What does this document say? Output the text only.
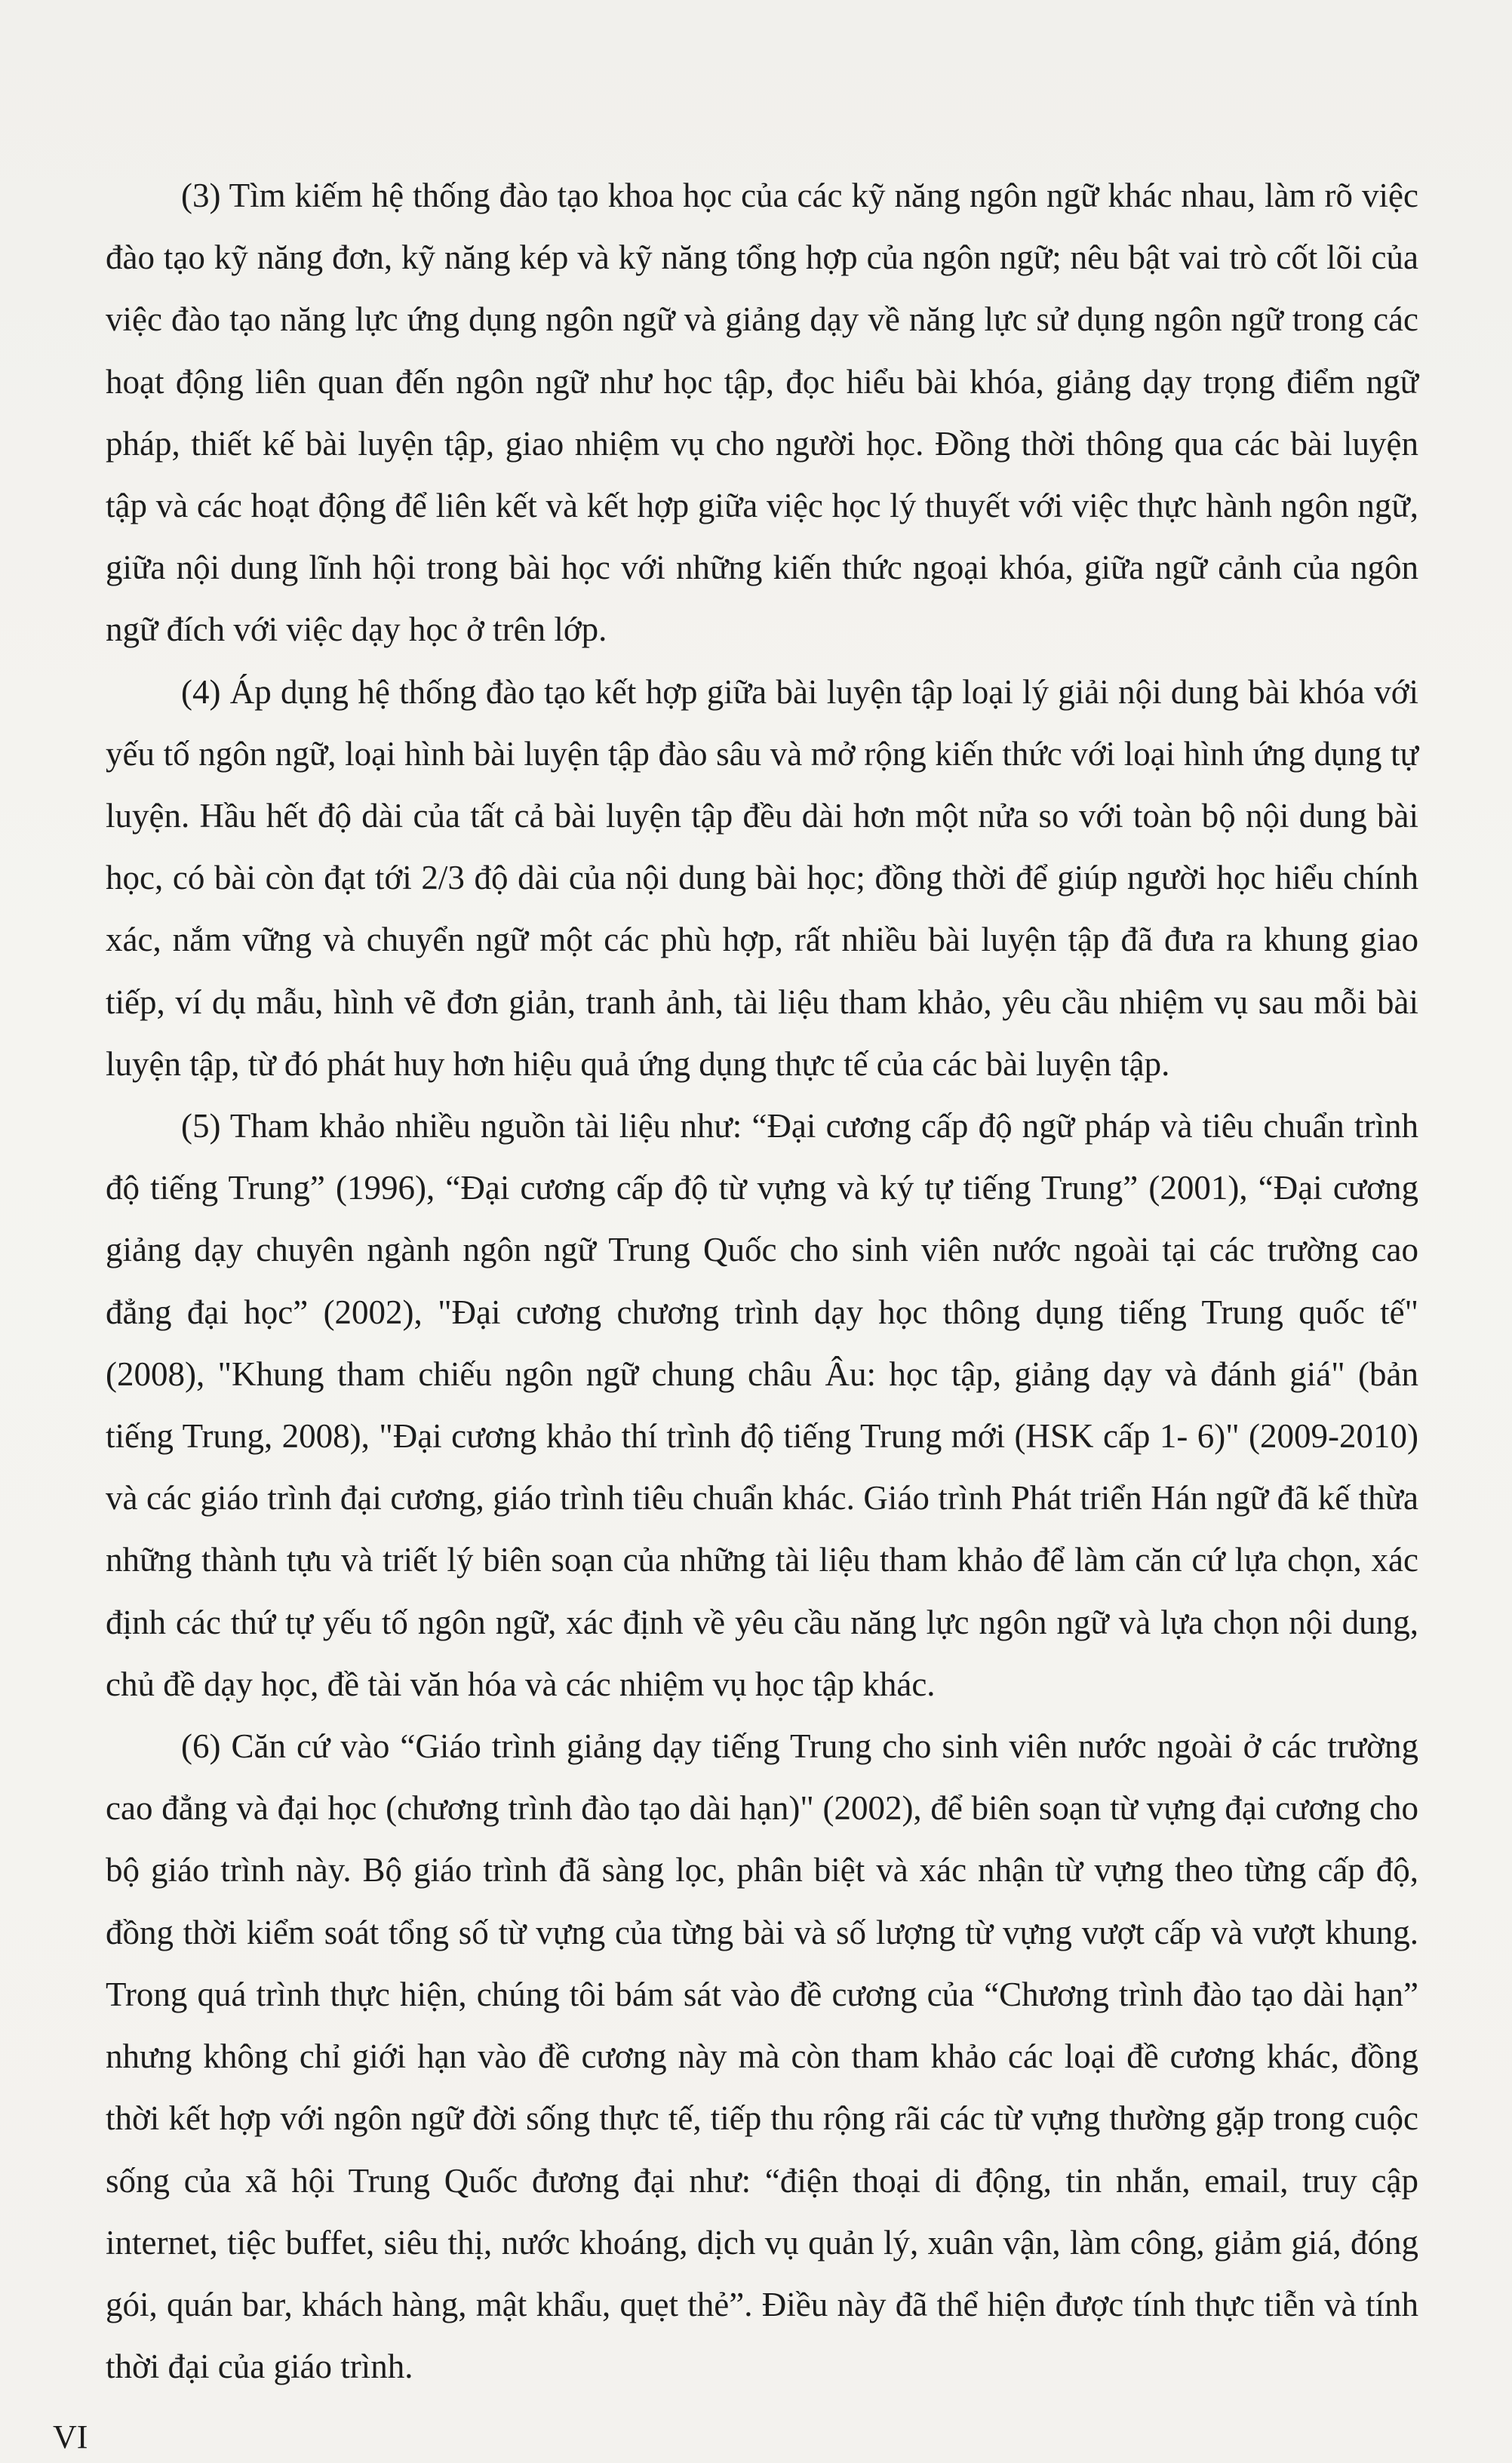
(3) Tìm kiếm hệ thống đào tạo khoa học của các kỹ năng ngôn ngữ khác nhau, làm rõ việc đào tạo kỹ năng đơn, kỹ năng kép và kỹ năng tổng hợp của ngôn ngữ; nêu bật vai trò cốt lõi của việc đào tạo năng lực ứng dụng ngôn ngữ và giảng dạy về năng lực sử dụng ngôn ngữ trong các hoạt động liên quan đến ngôn ngữ như học tập, đọc hiểu bài khóa, giảng dạy trọng điểm ngữ pháp, thiết kế bài luyện tập, giao nhiệm vụ cho người học. Đồng thời thông qua các bài luyện tập và các hoạt động để liên kết và kết hợp giữa việc học lý thuyết với việc thực hành ngôn ngữ, giữa nội dung lĩnh hội trong bài học với những kiến thức ngoại khóa, giữa ngữ cảnh của ngôn ngữ đích với việc dạy học ở trên lớp.

(4) Áp dụng hệ thống đào tạo kết hợp giữa bài luyện tập loại lý giải nội dung bài khóa với yếu tố ngôn ngữ, loại hình bài luyện tập đào sâu và mở rộng kiến thức với loại hình ứng dụng tự luyện. Hầu hết độ dài của tất cả bài luyện tập đều dài hơn một nửa so với toàn bộ nội dung bài học, có bài còn đạt tới 2/3 độ dài của nội dung bài học; đồng thời để giúp người học hiểu chính xác, nắm vững và chuyển ngữ một các phù hợp, rất nhiều bài luyện tập đã đưa ra khung giao tiếp, ví dụ mẫu, hình vẽ đơn giản, tranh ảnh, tài liệu tham khảo, yêu cầu nhiệm vụ sau mỗi bài luyện tập, từ đó phát huy hơn hiệu quả ứng dụng thực tế của các bài luyện tập.

(5) Tham khảo nhiều nguồn tài liệu như: “Đại cương cấp độ ngữ pháp và tiêu chuẩn trình độ tiếng Trung” (1996), “Đại cương cấp độ từ vựng và ký tự tiếng Trung” (2001), “Đại cương giảng dạy chuyên ngành ngôn ngữ Trung Quốc cho sinh viên nước ngoài tại các trường cao đẳng đại học” (2002), "Đại cương chương trình dạy học thông dụng tiếng Trung quốc tế" (2008), "Khung tham chiếu ngôn ngữ chung châu Âu: học tập, giảng dạy và đánh giá" (bản tiếng Trung, 2008), "Đại cương khảo thí trình độ tiếng Trung mới (HSK cấp 1- 6)" (2009-2010) và các giáo trình đại cương, giáo trình tiêu chuẩn khác. Giáo trình Phát triển Hán ngữ đã kế thừa những thành tựu và triết lý biên soạn của những tài liệu tham khảo để làm căn cứ lựa chọn, xác định các thứ tự yếu tố ngôn ngữ, xác định về yêu cầu năng lực ngôn ngữ và lựa chọn nội dung, chủ đề dạy học, đề tài văn hóa và các nhiệm vụ học tập khác.

(6) Căn cứ vào “Giáo trình giảng dạy tiếng Trung cho sinh viên nước ngoài ở các trường cao đẳng và đại học (chương trình đào tạo dài hạn)" (2002), để biên soạn từ vựng đại cương cho bộ giáo trình này. Bộ giáo trình đã sàng lọc, phân biệt và xác nhận từ vựng theo từng cấp độ, đồng thời kiểm soát tổng số từ vựng của từng bài và số lượng từ vựng vượt cấp và vượt khung. Trong quá trình thực hiện, chúng tôi bám sát vào đề cương của “Chương trình đào tạo dài hạn” nhưng không chỉ giới hạn vào đề cương này mà còn tham khảo các loại đề cương khác, đồng thời kết hợp với ngôn ngữ đời sống thực tế, tiếp thu rộng rãi các từ vựng thường gặp trong cuộc sống của xã hội Trung Quốc đương đại như: “điện thoại di động, tin nhắn, email, truy cập internet, tiệc buffet, siêu thị, nước khoáng, dịch vụ quản lý, xuân vận, làm công, giảm giá, đóng gói, quán bar, khách hàng, mật khẩu, quẹt thẻ”. Điều này đã thể hiện được tính thực tiễn và tính thời đại của giáo trình.

VI
